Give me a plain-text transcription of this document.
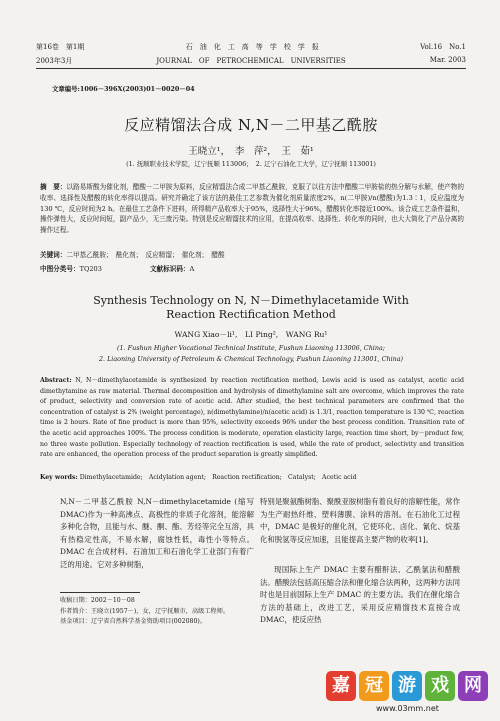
第16卷　第1期	石　油　化　工　高　等　学　校　学　报	Vol.16　No.1
2003年3月	JOURNAL　OF　PETROCHEMICAL　UNIVERSITIES	Mar. 2003
文章编号:1006－396X(2003)01－0020－04
反应精馏法合成 N,N－二甲基乙酰胺
王晓立¹，　李　萍²，　王　茹¹
(1. 抚顺职业技术学院，辽宁抚顺 113006；　2. 辽宁石油化工大学，辽宁抚顺 113001)
摘　要：以路易斯酸为催化剂，醋酸－二甲胺为原料，反应精馏法合成二甲基乙酰胺，克服了以往方法中醋酸二甲胺盐的热分解与水解，使产物的收率、选择性及醋酸的转化率得以提高。研究并确定了该方法的最佳工艺参数为催化剂质量浓度2%，n(二甲胺)/n(醋酸)为1.3∶1，反应温度为130 ℃，反应时间为2 h。在最佳工艺条件下进料，所得精产品收率大于95%，选择性大于96%，醋酸转化率接近100%。该合成工艺条件温和，操作弹性大，反应时间短，副产品少，无三废污染。特别是反应精馏技术的应用，在提高收率、选择性、转化率的同时，也大大简化了产品分离的操作过程。
关键词：二甲基乙酰胺；　酰化剂；　反应精馏；　催化剂；　醋酸
中图分类号：TQ203	文献标识码：A
Synthesis Technology on N, N－Dimethylacetamide With
Reaction Rectification Method
WANG Xiao－li¹,　LI Ping²,　WANG Ru¹
(1. Fushun Higher Vocational Technical Institute, Fushun Liaoning 113006, China;
2. Liaoning University of Petroleum & Chemical Technology, Fushun Liaoning 113001, China)
Abstract: N, N－dimethylacetamide is synthesized by reaction rectification method, Lewis acid is used as catalyst, acetic acid dimethytamine as raw material. Thermal decomposition and hydrolysis of dimethylamine salt are overcome, which improves the rate of product, selectivity and conversion rate of acetic acid. After studied, the best technical parameters are confirmed that the concentration of catalyst is 2% (weight percentage), n(dimethylamine)/n(acetic acid) is 1.3/1, reaction temperature is 130 ℃, reaction time is 2 hours. Rate of fine product is more than 95%, selectivity exceeds 96% under the best process condition. Transition rate of the acetic acid approaches 100%. The process condition is moderate, operation elasticity large, reaction time short, by－product few, no three waste pollution. Especially technology of reaction rectification is used, while the rate of product, selectivity and transition rate are enhanced, the operation process of the product separation is greatly simplified.
Key words: Dimethylacetamide;　Acidylation agent;　Reaction rectification;　Catalyst;　Acetic acid
N,N－二甲基乙酰胺 N,N－dimethylacetamide (缩写 DMAC)作为一种高沸点、高极性的非质子化溶剂，能溶解多种化合物，且能与水、醚、酮、酯、芳烃等完全互溶，具有热稳定性高，不易水解，腐蚀性低，毒性小等特点。DMAC 在合成材料、石油加工和石油化学工业部门有着广泛的用途。它对多种树脂，
特别是聚氨酯树脂、聚酰亚胺树脂有着良好的溶解性能，常作为生产耐热纤维、塑料薄膜、涂料的溶剂。在石油化工过程中，DMAC 是极好的催化剂，它使环化、卤化、氰化、烷基化和脱氢等反应加速，且能提高主要产物的收率[1]。
现国际上生产 DMAC 主要有醋酐法、乙酰氯法和醋酸法。醋酸法包括高压缩合法和催化缩合法两种，这两种方法同时也是目前国际上生产 DMAC 的主要方法。我们在催化缩合方法的基础上，改进工艺，采用反应精馏技术直接合成 DMAC，使反应热
收稿日期：2002－10－08
作者简介：王晓立(1957－)，女，辽宁抚顺市，高级工程师。
基金项目：辽宁省自然科学基金资助项目(002080)。
嘉 冠 游 戏 网
www.03mm.net
